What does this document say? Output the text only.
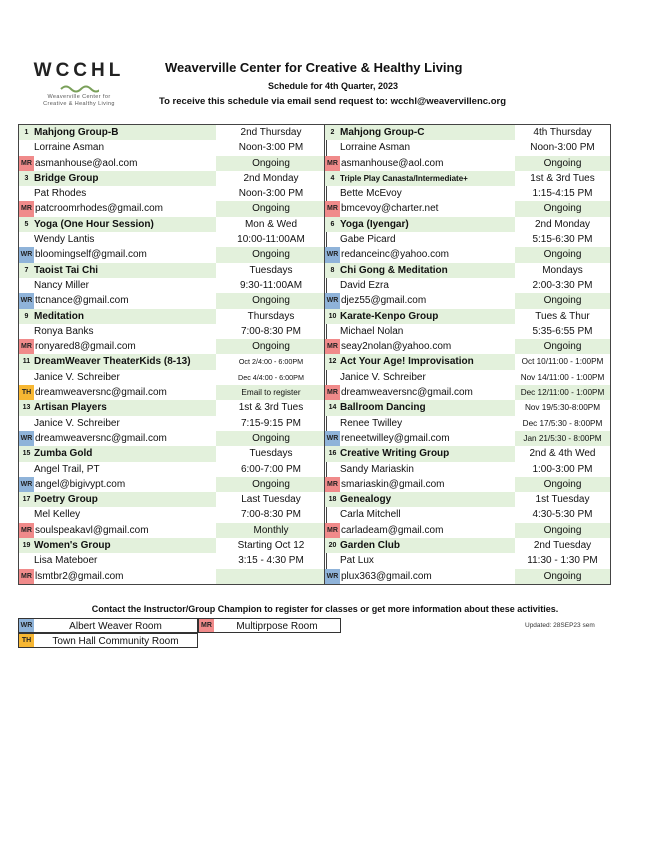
WCCHL
Weaverville Center for
Creative & Healthy Living
Weaverville Center for Creative & Healthy Living
Schedule for 4th Quarter, 2023
To receive this schedule via email send request to: wcchl@weavervillenc.org
1 Mahjong Group-B	2nd Thursday
Lorraine Asman	Noon-3:00 PM
MR asmanhouse@aol.com	Ongoing
3 Bridge Group	2nd Monday
Pat Rhodes	Noon-3:00 PM
MR patcroomrhodes@gmail.com	Ongoing
5 Yoga (One Hour Session)	Mon & Wed
Wendy Lantis	10:00-11:00AM
WR bloomingself@gmail.com	Ongoing
7 Taoist Tai Chi	Tuesdays
Nancy Miller	9:30-11:00AM
WR ttcnance@gmail.com	Ongoing
9 Meditation	Thursdays
Ronya Banks	7:00-8:30 PM
MR ronyared8@gmail.com	Ongoing
11 DreamWeaver TheaterKids (8-13)	Oct 2/4:00 - 6:00PM
Janice V. Schreiber	Dec 4/4:00 - 6:00PM
TH dreamweaversnc@gmail.com	Email to register
13 Artisan Players	1st & 3rd Tues
Janice V. Schreiber	7:15-9:15 PM
WR dreamweaversnc@gmail.com	Ongoing
15 Zumba Gold	Tuesdays
Angel Trail, PT	6:00-7:00 PM
WR angel@bigivypt.com	Ongoing
17 Poetry Group	Last Tuesday
Mel Kelley	7:00-8:30 PM
MR soulspeakavl@gmail.com	Monthly
19 Women's Group	Starting Oct 12
Lisa Mateboer	3:15 - 4:30 PM
MR lsmtbr2@gmail.com
2 Mahjong Group-C	4th Thursday
Lorraine Asman	Noon-3:00 PM
MR asmanhouse@aol.com	Ongoing
4 Triple Play Canasta/Intermediate+	1st & 3rd Tues
Bette McEvoy	1:15-4:15 PM
MR bmcevoy@charter.net	Ongoing
6 Yoga (Iyengar)	2nd Monday
Gabe Picard	5:15-6:30 PM
WR redanceinc@yahoo.com	Ongoing
8 Chi Gong & Meditation	Mondays
David Ezra	2:00-3:30 PM
WR djez55@gmail.com	Ongoing
10 Karate-Kenpo Group	Tues & Thur
Michael Nolan	5:35-6:55 PM
MR seay2nolan@yahoo.com	Ongoing
12 Act Your Age! Improvisation	Oct 10/11:00 - 1:00PM
Janice V. Schreiber	Nov 14/11:00 - 1:00PM
MR dreamweaversnc@gmail.com	Dec 12/11:00 - 1:00PM
14 Ballroom Dancing	Nov 19/5:30-8:00PM
Renee Twilley	Dec 17/5:30 - 8:00PM
WR reneetwilley@gmail.com	Jan 21/5:30 - 8:00PM
16 Creative Writing Group	2nd & 4th Wed
Sandy Mariaskin	1:00-3:00 PM
MR smariaskin@gmail.com	Ongoing
18 Genealogy	1st Tuesday
Carla Mitchell	4:30-5:30 PM
MR carladeam@gmail.com	Ongoing
20 Garden Club	2nd Tuesday
Pat Lux	11:30 - 1:30 PM
WR plux363@gmail.com	Ongoing
Contact the Instructor/Group Champion to register for classes or get more information about these activities.
WR	Albert Weaver Room	MR	Multiprpose Room
TH	Town Hall Community Room
Updated: 28SEP23 sem
